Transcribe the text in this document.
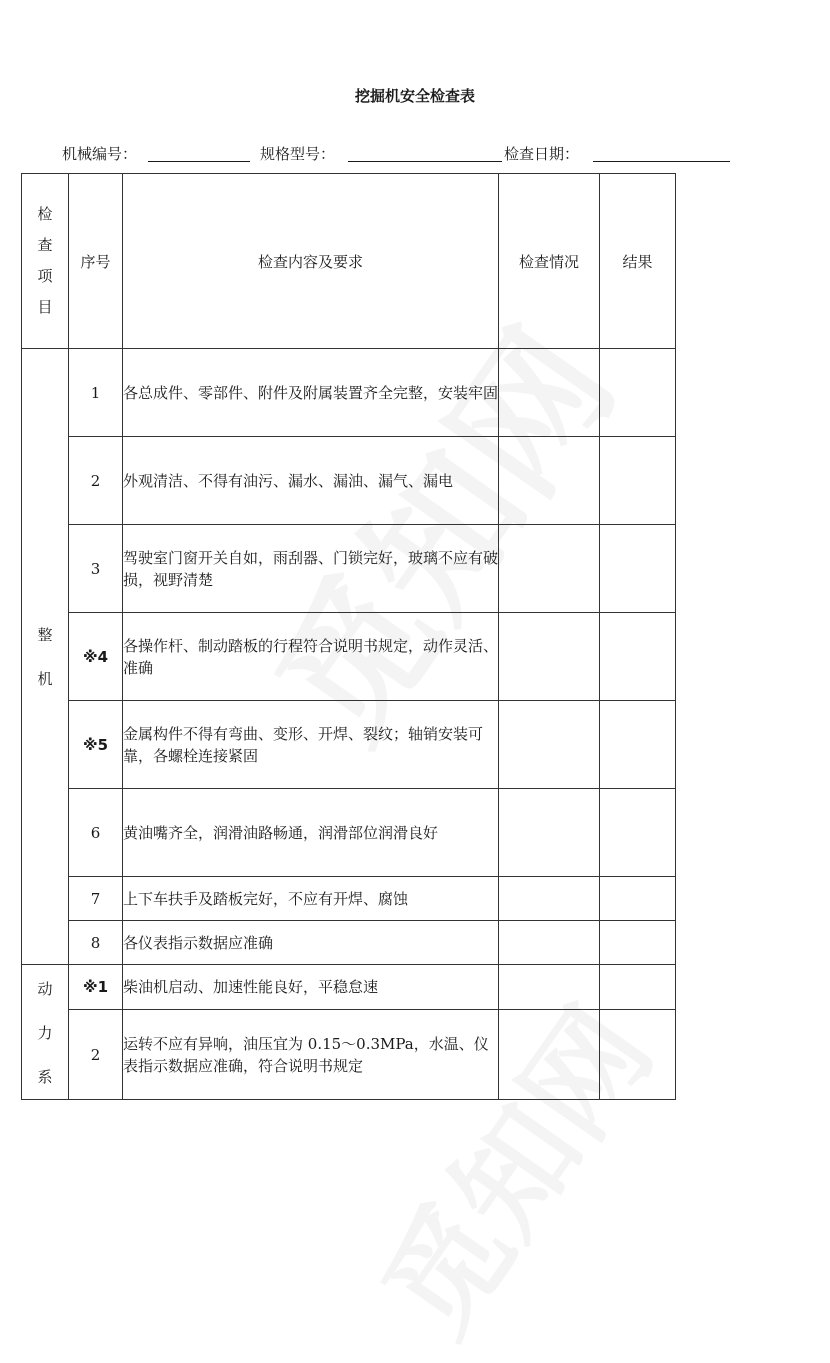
挖掘机安全检查表
机械编号：	规格型号：	检查日期：
检
查
项
目	序号	检查内容及要求	检查情况	结果
整
机	1	各总成件、零部件、附件及附属装置齐全完整，安装牢固		
	2	外观清洁、不得有油污、漏水、漏油、漏气、漏电		
	3	驾驶室门窗开关自如，雨刮器、门锁完好，玻璃不应有破损，视野清楚		
	※4	各操作杆、制动踏板的行程符合说明书规定，动作灵活、准确		
	※5	金属构件不得有弯曲、变形、开焊、裂纹；轴销安装可靠，各螺栓连接紧固		
	6	黄油嘴齐全，润滑油路畅通，润滑部位润滑良好		
	7	上下车扶手及踏板完好，不应有开焊、腐蚀		
	8	各仪表指示数据应准确		
动
力
系	※1	柴油机启动、加速性能良好，平稳怠速		
	2	运转不应有异响，油压宜为 0.15～0.3MPa，水温、仪表指示数据应准确，符合说明书规定		
